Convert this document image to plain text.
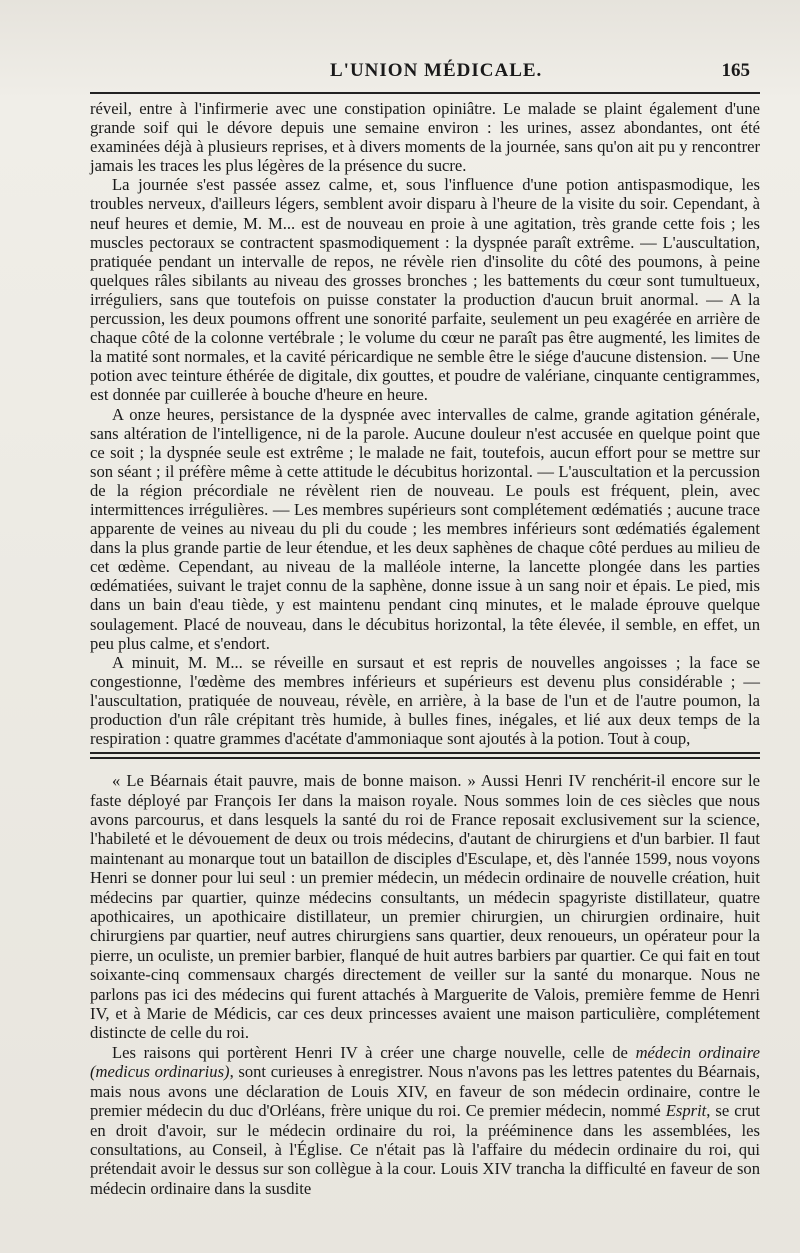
L'UNION MÉDICALE.	165

réveil, entre à l'infirmerie avec une constipation opiniâtre. Le malade se plaint également d'une grande soif qui le dévore depuis une semaine environ : les urines, assez abondantes, ont été examinées déjà à plusieurs reprises, et à divers moments de la journée, sans qu'on ait pu y rencontrer jamais les traces les plus légères de la présence du sucre.

La journée s'est passée assez calme, et, sous l'influence d'une potion antispasmodique, les troubles nerveux, d'ailleurs légers, semblent avoir disparu à l'heure de la visite du soir. Cependant, à neuf heures et demie, M. M... est de nouveau en proie à une agitation, très grande cette fois ; les muscles pectoraux se contractent spasmodiquement : la dyspnée paraît extrême. — L'auscultation, pratiquée pendant un intervalle de repos, ne révèle rien d'insolite du côté des poumons, à peine quelques râles sibilants au niveau des grosses bronches ; les battements du cœur sont tumultueux, irréguliers, sans que toutefois on puisse constater la production d'aucun bruit anormal. — A la percussion, les deux poumons offrent une sonorité parfaite, seulement un peu exagérée en arrière de chaque côté de la colonne vertébrale ; le volume du cœur ne paraît pas être augmenté, les limites de la matité sont normales, et la cavité péricardique ne semble être le siége d'aucune distension. — Une potion avec teinture éthérée de digitale, dix gouttes, et poudre de valériane, cinquante centigrammes, est donnée par cuillerée à bouche d'heure en heure.

A onze heures, persistance de la dyspnée avec intervalles de calme, grande agitation générale, sans altération de l'intelligence, ni de la parole. Aucune douleur n'est accusée en quelque point que ce soit ; la dyspnée seule est extrême ; le malade ne fait, toutefois, aucun effort pour se mettre sur son séant ; il préfère même à cette attitude le décubitus horizontal. — L'auscultation et la percussion de la région précordiale ne révèlent rien de nouveau. Le pouls est fréquent, plein, avec intermittences irrégulières. — Les membres supérieurs sont complétement œdématiés ; aucune trace apparente de veines au niveau du pli du coude ; les membres inférieurs sont œdématiés également dans la plus grande partie de leur étendue, et les deux saphènes de chaque côté perdues au milieu de cet œdème. Cependant, au niveau de la malléole interne, la lancette plongée dans les parties œdématiées, suivant le trajet connu de la saphène, donne issue à un sang noir et épais. Le pied, mis dans un bain d'eau tiède, y est maintenu pendant cinq minutes, et le malade éprouve quelque soulagement. Placé de nouveau, dans le décubitus horizontal, la tête élevée, il semble, en effet, un peu plus calme, et s'endort.

A minuit, M. M... se réveille en sursaut et est repris de nouvelles angoisses ; la face se congestionne, l'œdème des membres inférieurs et supérieurs est devenu plus considérable ; — l'auscultation, pratiquée de nouveau, révèle, en arrière, à la base de l'un et de l'autre poumon, la production d'un râle crépitant très humide, à bulles fines, inégales, et lié aux deux temps de la respiration : quatre grammes d'acétate d'ammoniaque sont ajoutés à la potion. Tout à coup,

« Le Béarnais était pauvre, mais de bonne maison. » Aussi Henri IV renchérit-il encore sur le faste déployé par François Ier dans la maison royale. Nous sommes loin de ces siècles que nous avons parcourus, et dans lesquels la santé du roi de France reposait exclusivement sur la science, l'habileté et le dévouement de deux ou trois médecins, d'autant de chirurgiens et d'un barbier. Il faut maintenant au monarque tout un bataillon de disciples d'Esculape, et, dès l'année 1599, nous voyons Henri se donner pour lui seul : un premier médecin, un médecin ordinaire de nouvelle création, huit médecins par quartier, quinze médecins consultants, un médecin spagyriste distillateur, quatre apothicaires, un apothicaire distillateur, un premier chirurgien, un chirurgien ordinaire, huit chirurgiens par quartier, neuf autres chirurgiens sans quartier, deux renoueurs, un opérateur pour la pierre, un oculiste, un premier barbier, flanqué de huit autres barbiers par quartier. Ce qui fait en tout soixante-cinq commensaux chargés directement de veiller sur la santé du monarque. Nous ne parlons pas ici des médecins qui furent attachés à Marguerite de Valois, première femme de Henri IV, et à Marie de Médicis, car ces deux princesses avaient une maison particulière, complétement distincte de celle du roi.

Les raisons qui portèrent Henri IV à créer une charge nouvelle, celle de médecin ordinaire (medicus ordinarius), sont curieuses à enregistrer. Nous n'avons pas les lettres patentes du Béarnais, mais nous avons une déclaration de Louis XIV, en faveur de son médecin ordinaire, contre le premier médecin du duc d'Orléans, frère unique du roi. Ce premier médecin, nommé Esprit, se crut en droit d'avoir, sur le médecin ordinaire du roi, la prééminence dans les assemblées, les consultations, au Conseil, à l'Église. Ce n'était pas là l'affaire du médecin ordinaire du roi, qui prétendait avoir le dessus sur son collègue à la cour. Louis XIV trancha la difficulté en faveur de son médecin ordinaire dans la susdite
